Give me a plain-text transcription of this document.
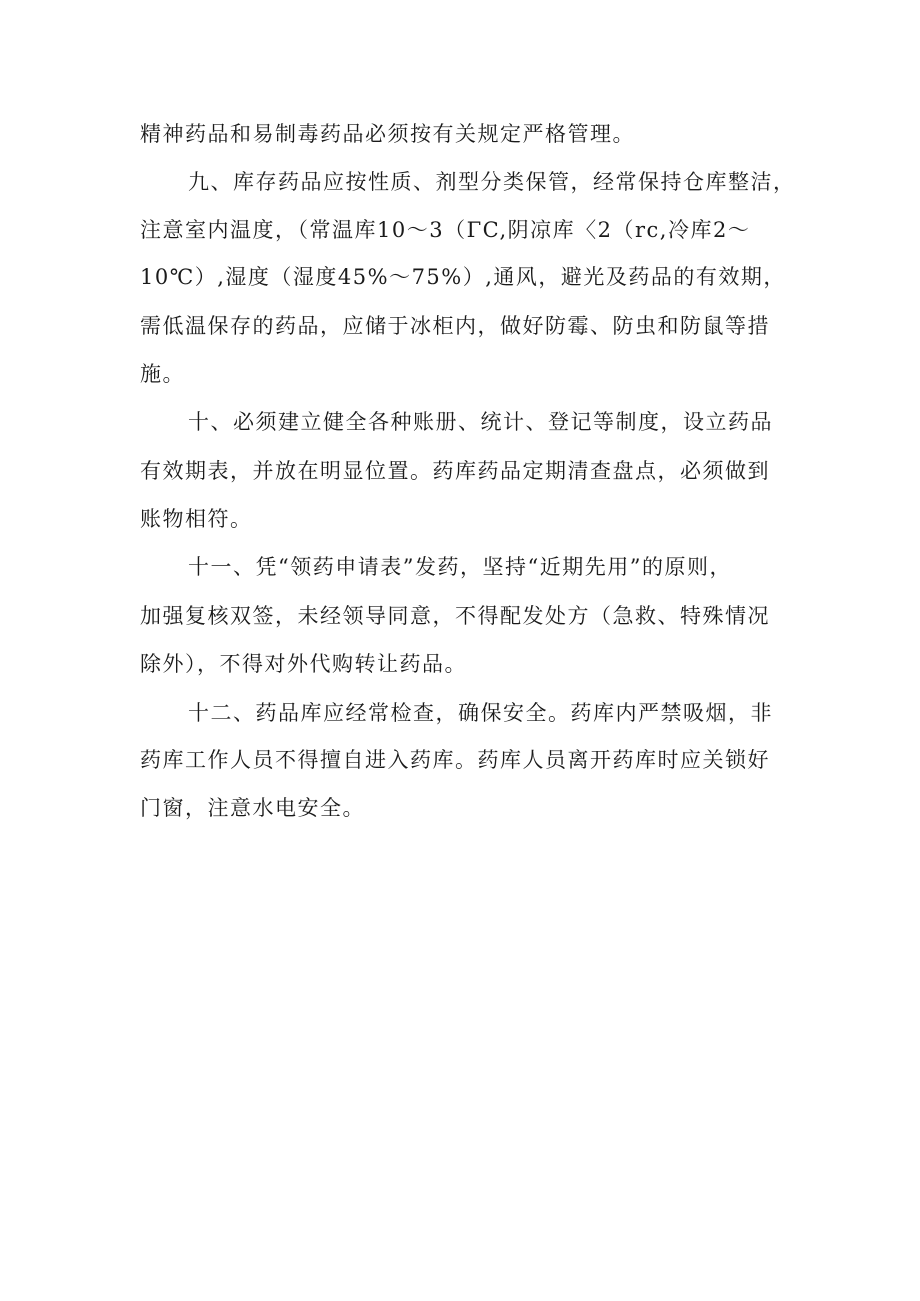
精神药品和易制毒药品必须按有关规定严格管理。
九、库存药品应按性质、剂型分类保管，经常保持仓库整洁，
注意室内温度，（常温库10～3（ΓC,阴凉库〈2（rc,冷库2～
10℃）,湿度（湿度45%～75%）,通风，避光及药品的有效期，
需低温保存的药品，应储于冰柜内，做好防霉、防虫和防鼠等措
施。
十、必须建立健全各种账册、统计、登记等制度，设立药品
有效期表，并放在明显位置。药库药品定期清查盘点，必须做到
账物相符。
十一、凭“领药申请表”发药，坚持“近期先用”的原则，
加强复核双签，未经领导同意，不得配发处方（急救、特殊情况
除外），不得对外代购转让药品。
十二、药品库应经常检查，确保安全。药库内严禁吸烟，非
药库工作人员不得擅自进入药库。药库人员离开药库时应关锁好
门窗，注意水电安全。
